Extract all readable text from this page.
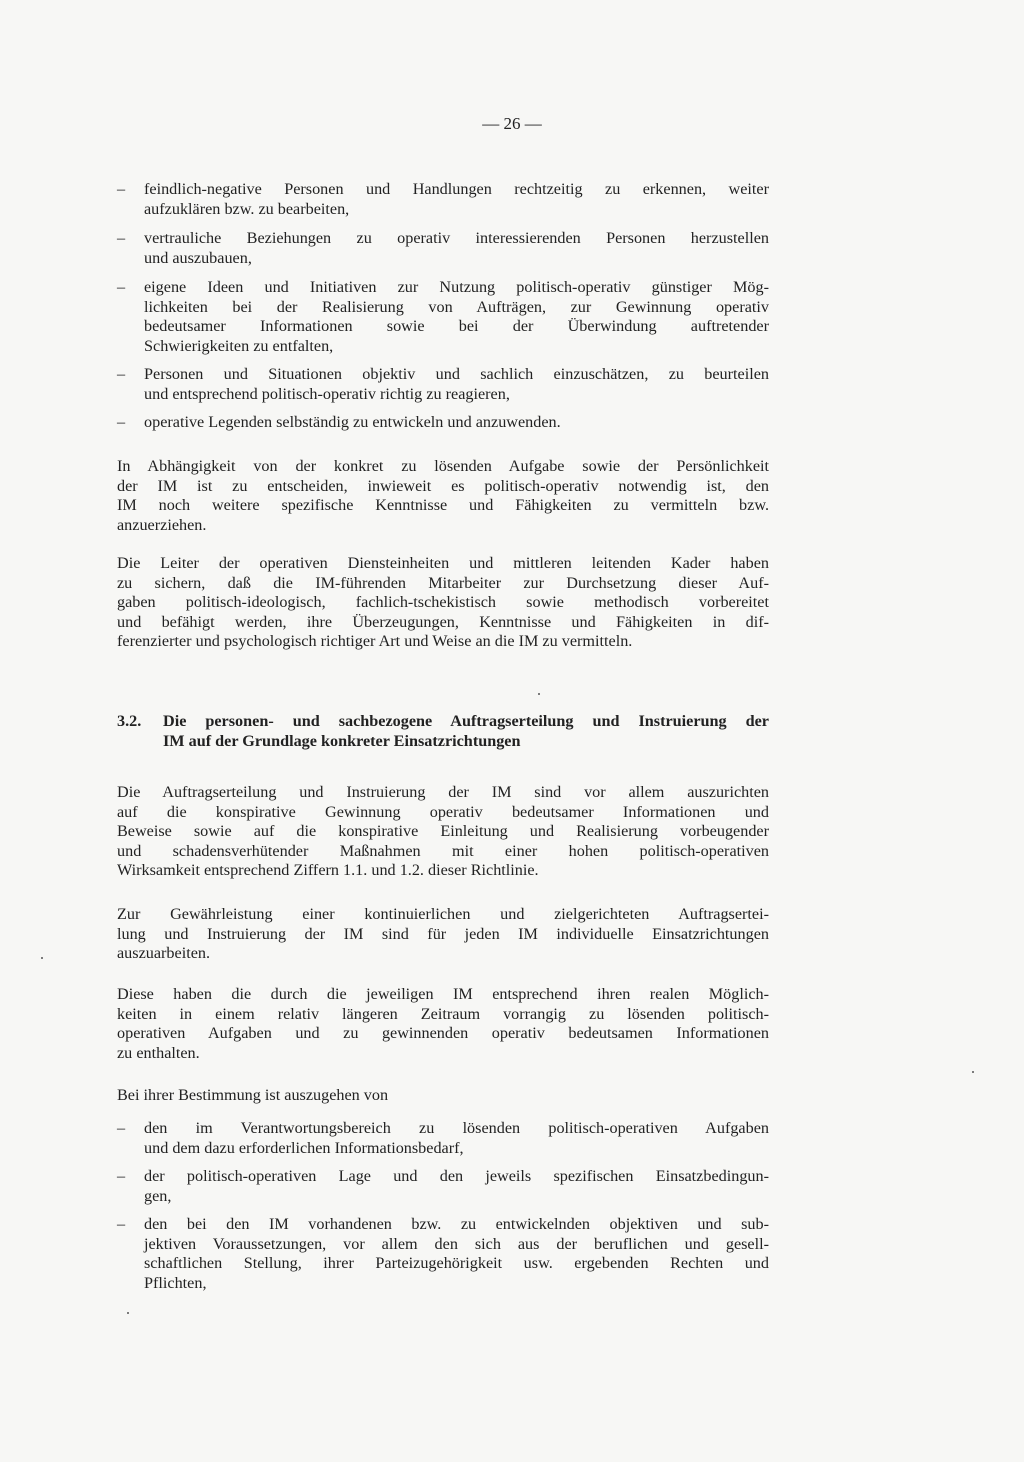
— 26 —
–	feindlich-negative Personen und Handlungen rechtzeitig zu erkennen, weiter
aufzuklären bzw. zu bearbeiten,
–	vertrauliche Beziehungen zu operativ interessierenden Personen herzustellen
und auszubauen,
–	eigene Ideen und Initiativen zur Nutzung politisch-operativ günstiger Mög-
lichkeiten bei der Realisierung von Aufträgen, zur Gewinnung operativ
bedeutsamer Informationen sowie bei der Überwindung auftretender
Schwierigkeiten zu entfalten,
–	Personen und Situationen objektiv und sachlich einzuschätzen, zu beurteilen
und entsprechend politisch-operativ richtig zu reagieren,
–	operative Legenden selbständig zu entwickeln und anzuwenden.
In Abhängigkeit von der konkret zu lösenden Aufgabe sowie der Persönlichkeit
der IM ist zu entscheiden, inwieweit es politisch-operativ notwendig ist, den
IM noch weitere spezifische Kenntnisse und Fähigkeiten zu vermitteln bzw.
anzuerziehen.
Die Leiter der operativen Diensteinheiten und mittleren leitenden Kader haben
zu sichern, daß die IM-führenden Mitarbeiter zur Durchsetzung dieser Auf-
gaben politisch-ideologisch, fachlich-tschekistisch sowie methodisch vorbereitet
und befähigt werden, ihre Überzeugungen, Kenntnisse und Fähigkeiten in dif-
ferenzierter und psychologisch richtiger Art und Weise an die IM zu vermitteln.
3.2. Die personen- und sachbezogene Auftragserteilung und Instruierung der
IM auf der Grundlage konkreter Einsatzrichtungen
Die Auftragserteilung und Instruierung der IM sind vor allem auszurichten
auf die konspirative Gewinnung operativ bedeutsamer Informationen und
Beweise sowie auf die konspirative Einleitung und Realisierung vorbeugender
und schadensverhütender Maßnahmen mit einer hohen politisch-operativen
Wirksamkeit entsprechend Ziffern 1.1. und 1.2. dieser Richtlinie.
Zur Gewährleistung einer kontinuierlichen und zielgerichteten Auftragsertei-
lung und Instruierung der IM sind für jeden IM individuelle Einsatzrichtungen
auszuarbeiten.
Diese haben die durch die jeweiligen IM entsprechend ihren realen Möglich-
keiten in einem relativ längeren Zeitraum vorrangig zu lösenden politisch-
operativen Aufgaben und zu gewinnenden operativ bedeutsamen Informationen
zu enthalten.
Bei ihrer Bestimmung ist auszugehen von
–	den im Verantwortungsbereich zu lösenden politisch-operativen Aufgaben
und dem dazu erforderlichen Informationsbedarf,
–	der politisch-operativen Lage und den jeweils spezifischen Einsatzbedingun-
gen,
–	den bei den IM vorhandenen bzw. zu entwickelnden objektiven und sub-
jektiven Voraussetzungen, vor allem den sich aus der beruflichen und gesell-
schaftlichen Stellung, ihrer Parteizugehörigkeit usw. ergebenden Rechten und
Pflichten,
